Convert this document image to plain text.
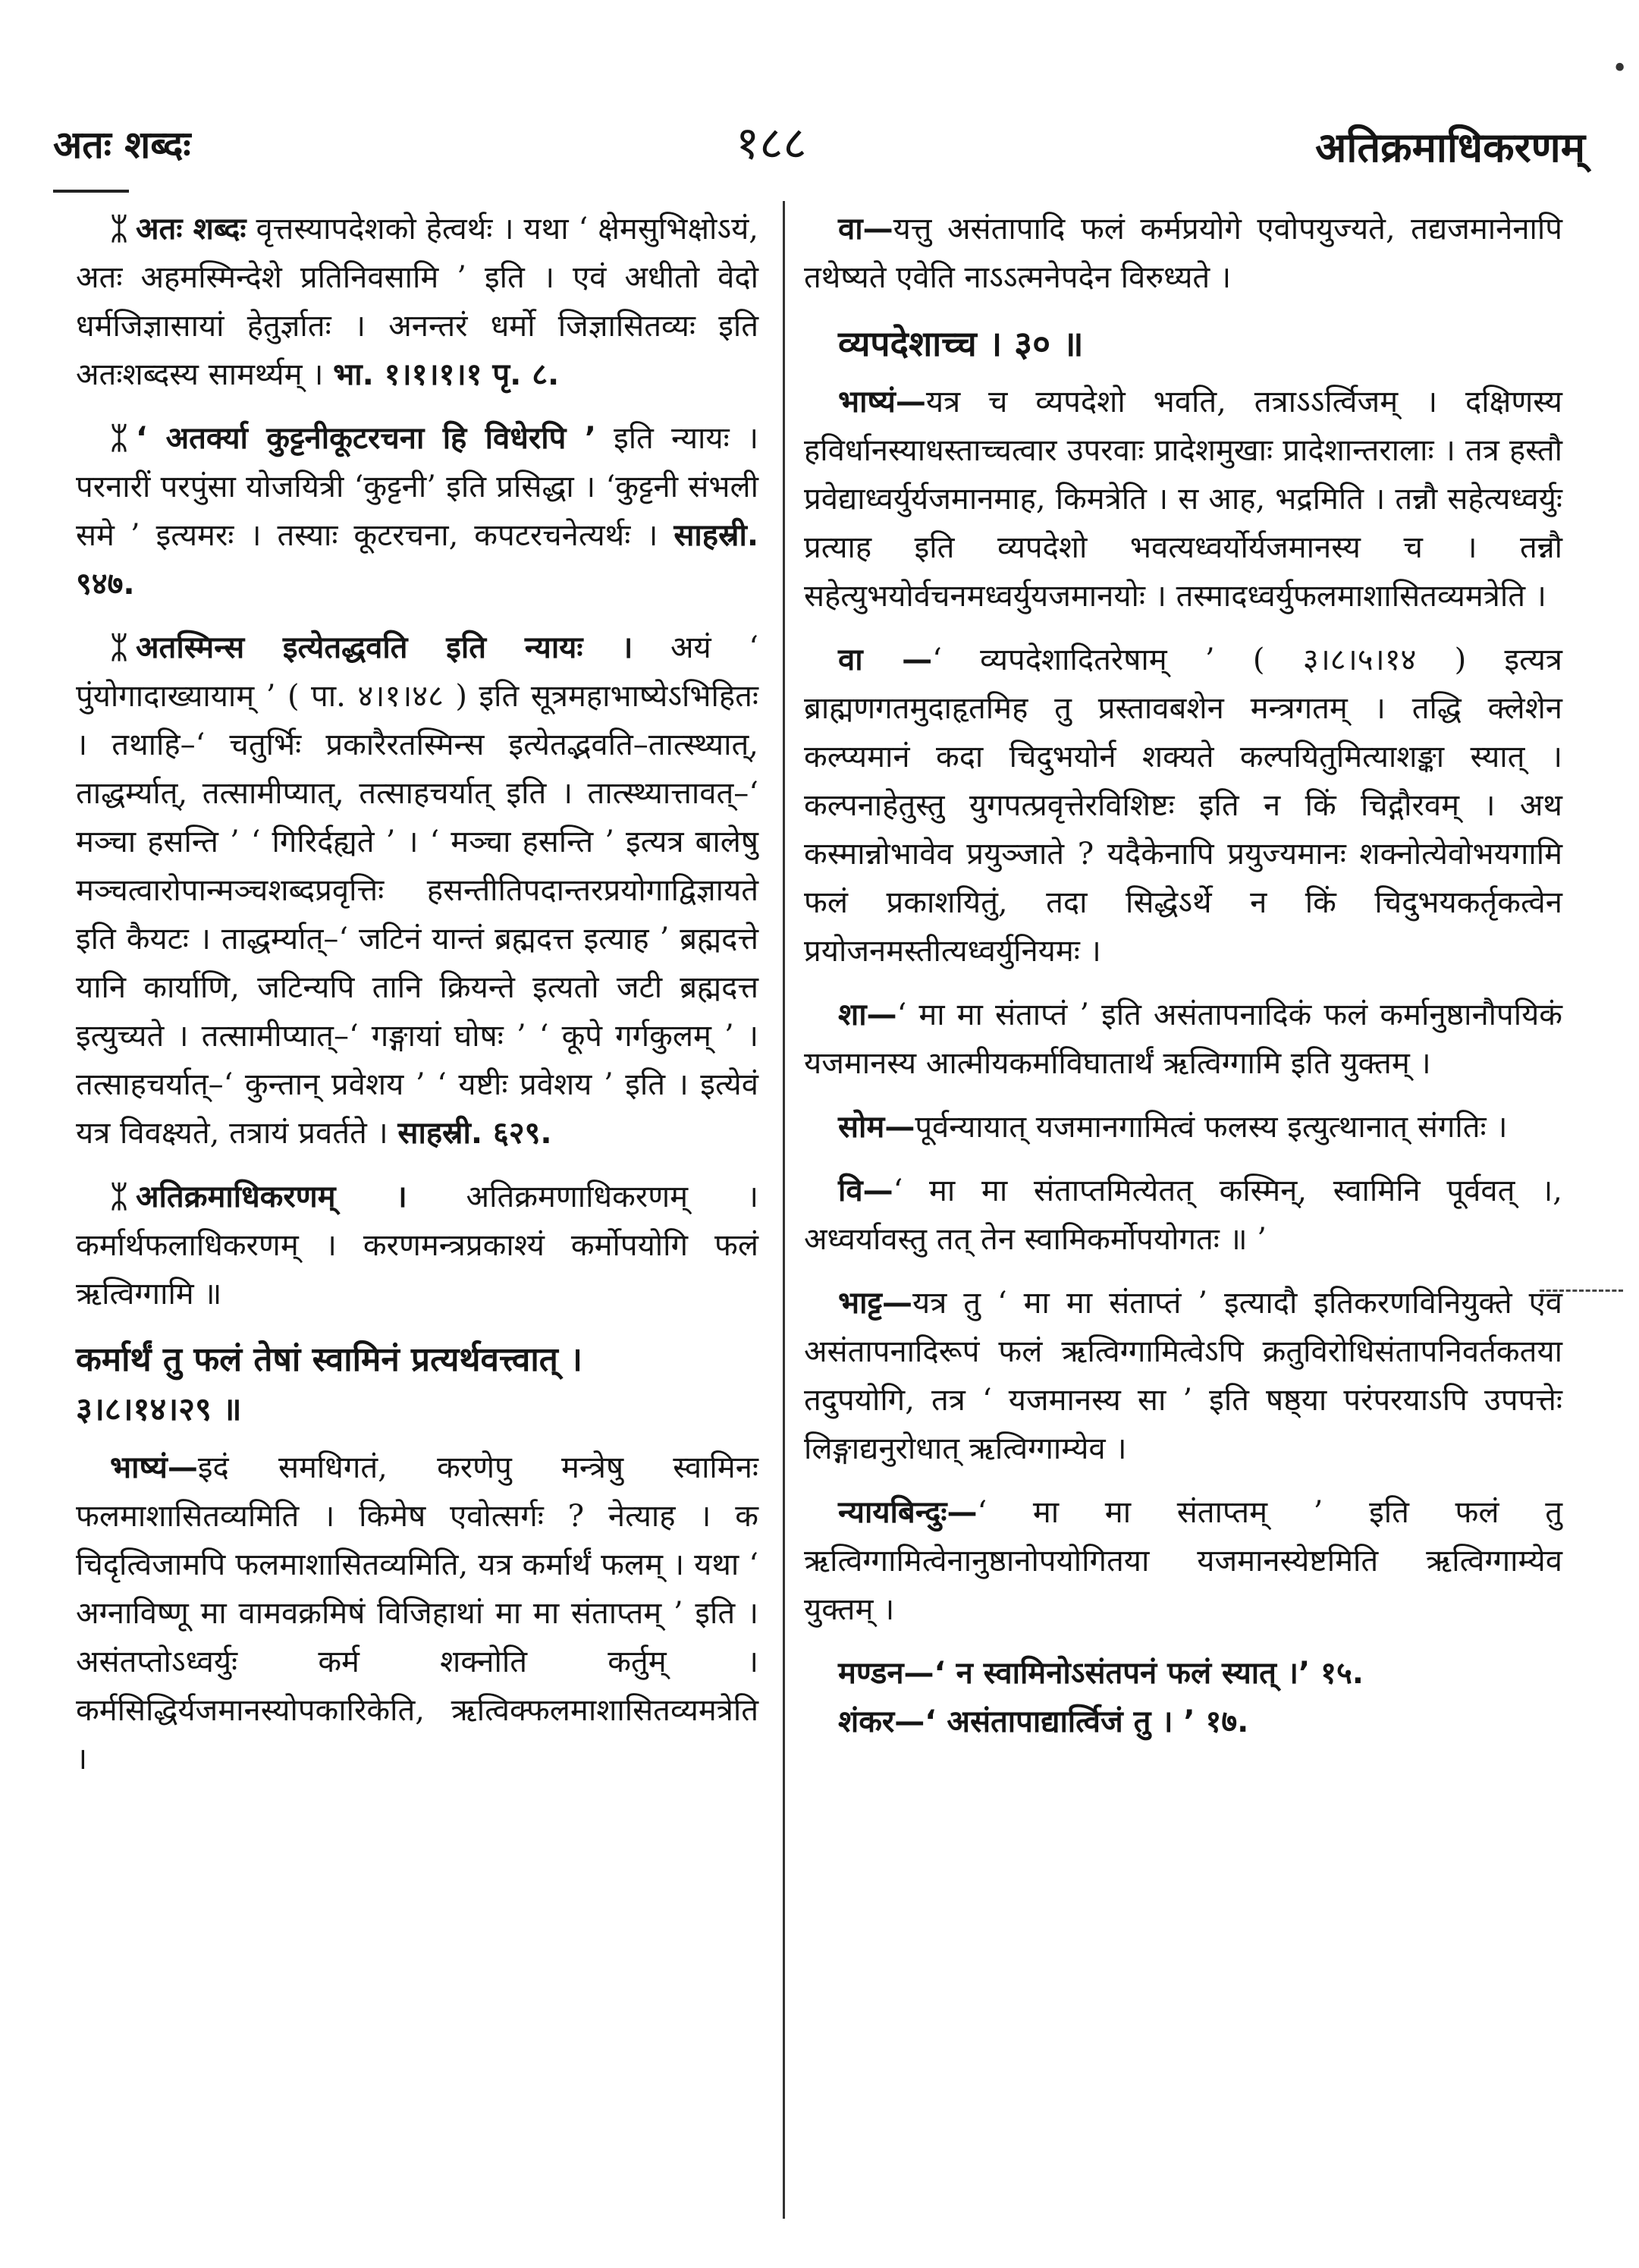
अतः शब्दः	१८८	अतिक्रमाधिकरणम्
•

ᛯ अतः शब्दः वृत्तस्यापदेशको हेत्वर्थः । यथा ‘ क्षेमसुभिक्षोऽयं, अतः अहमस्मिन्देशे प्रतिनिवसामि ’ इति । एवं अधीतो वेदो धर्मजिज्ञासायां हेतुर्ज्ञातः । अनन्तरं धर्मो जिज्ञासितव्यः इति अतःशब्दस्य सामर्थ्यम् । भा. १।१।१।१ पृ. ८.

ᛯ ‘ अतर्क्या कुट्टनीकूटरचना हि विधेरपि ’ इति न्यायः । परनारीं परपुंसा योजयित्री ‘कुट्टनी’ इति प्रसिद्धा । ‘कुट्टनी संभली समे ’ इत्यमरः । तस्याः कूटरचना, कपटरचनेत्यर्थः । साहस्री. ९४७.

ᛯ अतस्मिन्स इत्येतद्धवति इति न्यायः । अयं ‘ पुंयोगादाख्यायाम् ’ ( पा. ४।१।४८ ) इति सूत्रमहाभाष्येऽभिहितः । तथाहि–‘ चतुर्भिः प्रकारैरतस्मिन्स इत्येतद्भवति–तात्स्थ्यात्, ताद्धर्म्यात्, तत्सामीप्यात्, तत्साहचर्यात् इति । तात्स्थ्यात्तावत्–‘ मञ्चा हसन्ति ’ ‘ गिरिर्दह्यते ’ । ‘ मञ्चा हसन्ति ’ इत्यत्र बालेषु मञ्चत्वारोपान्मञ्चशब्दप्रवृत्तिः हसन्तीतिपदान्तरप्रयोगाद्विज्ञायते इति कैयटः । ताद्धर्म्यात्–‘ जटिनं यान्तं ब्रह्मदत्त इत्याह ’ ब्रह्मदत्ते यानि कार्याणि, जटिन्यपि तानि क्रियन्ते इत्यतो जटी ब्रह्मदत्त इत्युच्यते । तत्सामीप्यात्–‘ गङ्गायां घोषः ’ ‘ कूपे गर्गकुलम् ’ । तत्साहचर्यात्–‘ कुन्तान् प्रवेशय ’ ‘ यष्टीः प्रवेशय ’ इति । इत्येवं यत्र विवक्ष्यते, तत्रायं प्रवर्तते । साहस्री. ६२९.

ᛯ अतिक्रमाधिकरणम् । अतिक्रमणाधिकरणम् । कर्मार्थफलाधिकरणम् । करणमन्त्रप्रकाश्यं कर्मोपयोगि फलं ऋत्विग्गामि ॥

कर्मार्थं तु फलं तेषां स्वामिनं प्रत्यर्थवत्त्वात् ।

३।८।१४।२९ ॥

भाष्यं—इदं समधिगतं, करणेपु मन्त्रेषु स्वामिनः फलमाशासितव्यमिति । किमेष एवोत्सर्गः ? नेत्याह । क चिदृत्विजामपि फलमाशासितव्यमिति, यत्र कर्मार्थं फलम् । यथा ‘ अग्नाविष्णू मा वामवक्रमिषं विजिहाथां मा मा संताप्तम् ’ इति । असंतप्तोऽध्वर्युः कर्म शक्नोति कर्तुम् । कर्मसिद्धिर्यजमानस्योपकारिकेति, ऋत्विक्फलमाशासितव्यमत्रेति ।

वा—यत्तु असंतापादि फलं कर्मप्रयोगे एवोपयुज्यते, तद्यजमानेनापि तथेष्यते एवेति नाऽऽत्मनेपदेन विरुध्यते ।

व्यपदेशाच्च । ३० ॥

भाष्यं—यत्र च व्यपदेशो भवति, तत्राऽऽर्त्विजम् । दक्षिणस्य हविर्धानस्याधस्ताच्चत्वार उपरवाः प्रादेशमुखाः प्रादेशान्तरालाः । तत्र हस्तौ प्रवेद्याध्वर्युर्यजमानमाह, किमत्रेति । स आह, भद्रमिति । तन्नौ सहेत्यध्वर्युः प्रत्याह इति व्यपदेशो भवत्यध्वर्योर्यजमानस्य च । तन्नौ सहेत्युभयोर्वचनमध्वर्युयजमानयोः । तस्मादध्वर्युफलमाशासितव्यमत्रेति ।

वा —‘ व्यपदेशादितरेषाम् ’ ( ३।८।५।१४ ) इत्यत्र ब्राह्मणगतमुदाहृतमिह तु प्रस्तावबशेन मन्त्रगतम् । तद्धि क्लेशेन कल्प्यमानं कदा चिदुभयोर्न शक्यते कल्पयितुमित्याशङ्का स्यात् । कल्पनाहेतुस्तु युगपत्प्रवृत्तेरविशिष्टः इति न किं चिद्गौरवम् । अथ कस्मान्नोभावेव प्रयुञ्जाते ? यदैकेनापि प्रयुज्यमानः शक्नोत्येवोभयगामि फलं प्रकाशयितुं, तदा सिद्धेऽर्थे न किं चिदुभयकर्तृकत्वेन प्रयोजनमस्तीत्यध्वर्युनियमः ।

शा—‘ मा मा संताप्तं ’ इति असंतापनादिकं फलं कर्मानुष्ठानौपयिकं यजमानस्य आत्मीयकर्माविघातार्थं ऋत्विग्गामि इति युक्तम् ।

सोम—पूर्वन्यायात् यजमानगामित्वं फलस्य इत्युत्थानात् संगतिः ।

वि—‘ मा मा संताप्तमित्येतत् कस्मिन्, स्वामिनि पूर्ववत् ।, अध्वर्यावस्तु तत् तेन स्वामिकर्मोपयोगतः ॥ ’

भाट्ट—यत्र तु ‘ मा मा संताप्तं ’ इत्यादौ इतिकरणविनियुक्ते एव असंतापनादिरूपं फलं ऋत्विग्गामित्वेऽपि क्रतुविरोधिसंतापनिवर्तकतया तदुपयोगि, तत्र ‘ यजमानस्य सा ’ इति षष्ठ्या परंपरयाऽपि उपपत्तेः लिङ्गाद्यनुरोधात् ऋत्विग्गाम्येव ।

न्यायबिन्दुः—‘ मा मा संताप्तम् ’ इति फलं तु ऋत्विग्गामित्वेनानुष्ठानोपयोगितया यजमानस्येष्टमिति ऋत्विग्गाम्येव युक्तम् ।

मण्डन—‘ न स्वामिनोऽसंतपनं फलं स्यात् ।’ १५.

शंकर—‘ असंतापाद्यार्त्विजं तु । ’ १७.
